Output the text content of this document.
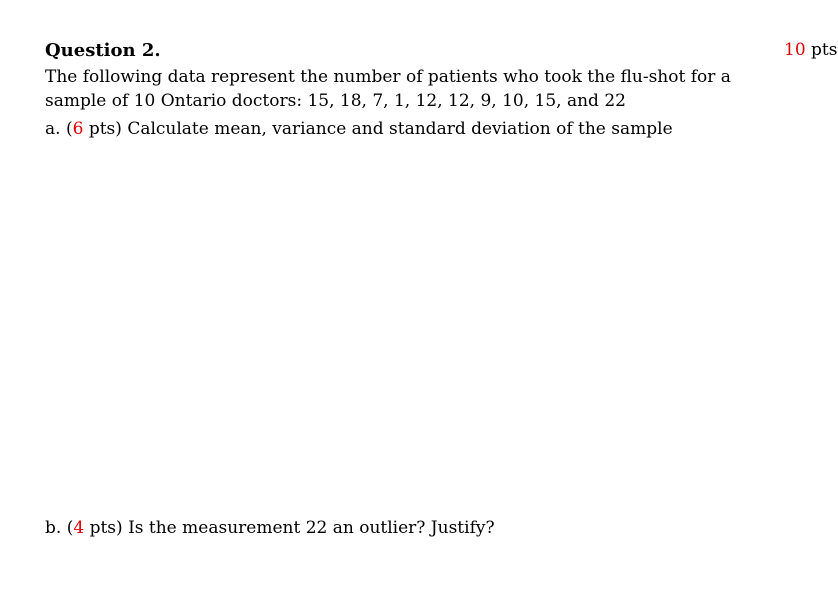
10 pts
Question 2.
The following data represent the number of patients who took the flu-shot for a sample of 10 Ontario doctors: 15, 18, 7, 1, 12, 12, 9, 10, 15, and 22
a. (6 pts) Calculate mean, variance and standard deviation of the sample
b. (4 pts) Is the measurement 22 an outlier? Justify?
